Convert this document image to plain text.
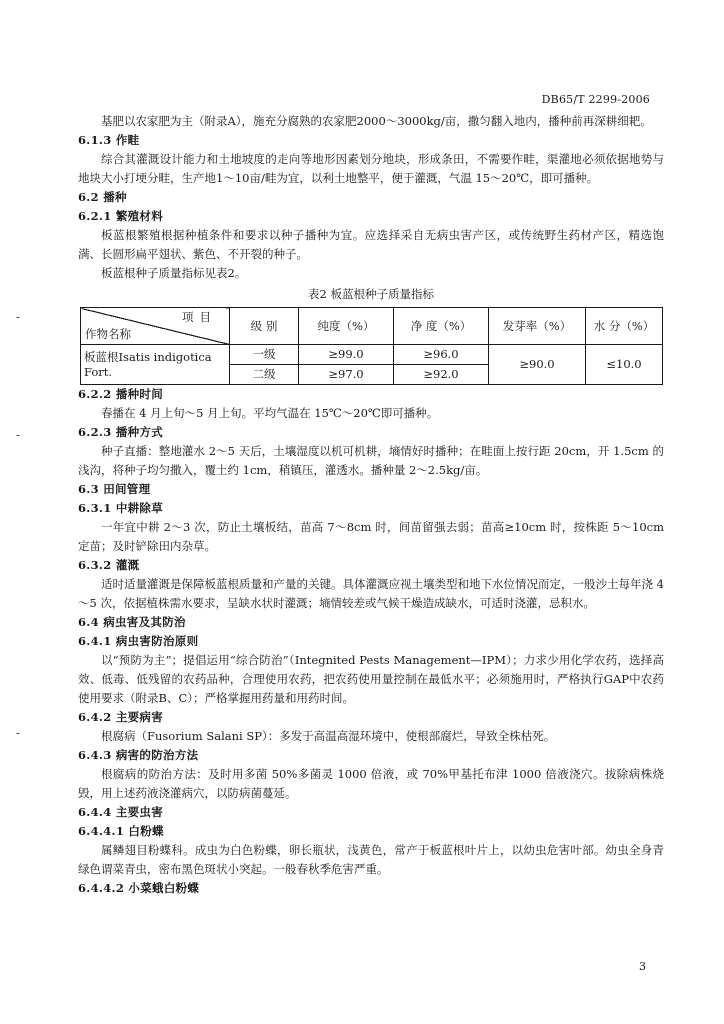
DB65/T 2299-2006

基肥以农家肥为主（附录A），施充分腐熟的农家肥2000～3000kg/亩，撒匀翻入地内，播种前再深耕细耙。

6.1.3 作畦

综合其灌溉设计能力和土地坡度的走向等地形因素划分地块，形成条田，不需要作畦，渠灌地必须依据地势与地块大小打埂分畦，生产地1～10亩/畦为宜，以利土地整平，便于灌溉，气温 15～20℃，即可播种。

6.2 播种

6.2.1 繁殖材料

板蓝根繁殖根据种植条件和要求以种子播种为宜。应选择采自无病虫害产区，或传统野生药材产区，精选饱满、长圆形扁平翅状、紫色、不开裂的种子。

板蓝根种子质量指标见表2。

表2 板蓝根种子质量指标

项目
作物名称	级 别	纯度（%）	净 度（%）	发芽率（%）	水 分（%）
板蓝根Isatis indigotica Fort.	一级	≥99.0	≥96.0	≥90.0	≤10.0
	二级	≥97.0	≥92.0		

6.2.2 播种时间

春播在 4 月上旬～5 月上旬。平均气温在 15℃～20℃即可播种。

6.2.3 播种方式

种子直播：整地灌水 2～5 天后，土壤湿度以机可机耕，墒情好时播种；在畦面上按行距 20cm，开 1.5cm 的浅沟，将种子均匀撒入，覆土约 1cm，稍镇压，灌透水。播种量 2～2.5kg/亩。

6.3 田间管理

6.3.1 中耕除草

一年宜中耕 2～3 次，防止土壤板结，苗高 7～8cm 时，间苗留强去弱；苗高≥10cm 时，按株距 5～10cm 定苗；及时铲除田内杂草。

6.3.2 灌溉

适时适量灌溉是保障板蓝根质量和产量的关键。具体灌溉应视土壤类型和地下水位情况而定，一般沙土每年浇 4～5 次，依据植株需水要求，呈缺水状时灌溉；墒情较差或气候干燥造成缺水，可适时浇灌，忌积水。

6.4 病虫害及其防治

6.4.1 病虫害防治原则

以“预防为主”；提倡运用“综合防治”（Integnited Pests Management—IPM）；力求少用化学农药，选择高效、低毒、低残留的农药品种，合理使用农药，把农药使用量控制在最低水平；必须施用时，严格执行GAP中农药使用要求（附录B、C）；严格掌握用药量和用药时间。

6.4.2 主要病害

根腐病（Fusorium Salani SP）：多发于高温高湿环境中，使根部腐烂，导致全株枯死。

6.4.3 病害的防治方法

根腐病的防治方法：及时用多菌 50%多菌灵 1000 倍液，或 70%甲基托布津 1000 倍液浇穴。拔除病株烧毁，用上述药液浇灌病穴，以防病菌蔓延。

6.4.4 主要虫害

6.4.4.1 白粉蝶

属鳞翅目粉蝶科。成虫为白色粉蝶，卵长瓶状，浅黄色，常产于板蓝根叶片上，以幼虫危害叶部。幼虫全身青绿色谓菜青虫，密布黑色斑状小突起。一般春秋季危害严重。

6.4.4.2 小菜蛾白粉蝶

-
-
-
3
